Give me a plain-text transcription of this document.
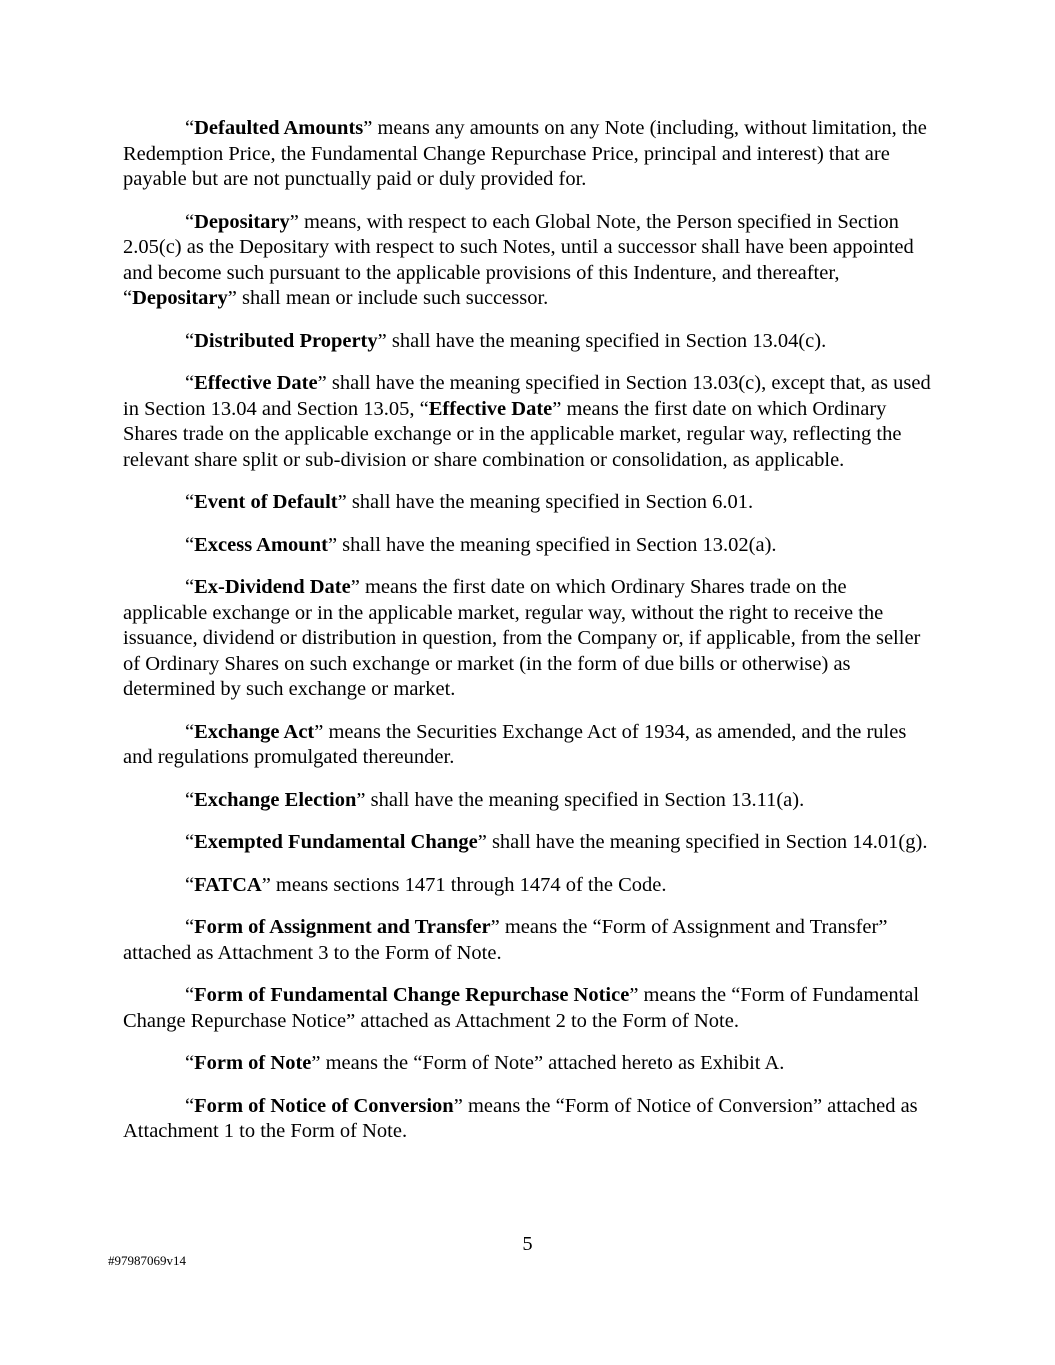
“Defaulted Amounts” means any amounts on any Note (including, without limitation, the Redemption Price, the Fundamental Change Repurchase Price, principal and interest) that are payable but are not punctually paid or duly provided for.

“Depositary” means, with respect to each Global Note, the Person specified in Section 2.05(c) as the Depositary with respect to such Notes, until a successor shall have been appointed and become such pursuant to the applicable provisions of this Indenture, and thereafter, “Depositary” shall mean or include such successor.

“Distributed Property” shall have the meaning specified in Section 13.04(c).

“Effective Date” shall have the meaning specified in Section 13.03(c), except that, as used in Section 13.04 and Section 13.05, “Effective Date” means the first date on which Ordinary Shares trade on the applicable exchange or in the applicable market, regular way, reflecting the relevant share split or sub-division or share combination or consolidation, as applicable.

“Event of Default” shall have the meaning specified in Section 6.01.

“Excess Amount” shall have the meaning specified in Section 13.02(a).

“Ex-Dividend Date” means the first date on which Ordinary Shares trade on the applicable exchange or in the applicable market, regular way, without the right to receive the issuance, dividend or distribution in question, from the Company or, if applicable, from the seller of Ordinary Shares on such exchange or market (in the form of due bills or otherwise) as determined by such exchange or market.

“Exchange Act” means the Securities Exchange Act of 1934, as amended, and the rules and regulations promulgated thereunder.

“Exchange Election” shall have the meaning specified in Section 13.11(a).

“Exempted Fundamental Change” shall have the meaning specified in Section 14.01(g).

“FATCA” means sections 1471 through 1474 of the Code.

“Form of Assignment and Transfer” means the “Form of Assignment and Transfer” attached as Attachment 3 to the Form of Note.

“Form of Fundamental Change Repurchase Notice” means the “Form of Fundamental Change Repurchase Notice” attached as Attachment 2 to the Form of Note.

“Form of Note” means the “Form of Note” attached hereto as Exhibit A.

“Form of Notice of Conversion” means the “Form of Notice of Conversion” attached as Attachment 1 to the Form of Note.

5
#97987069v14
